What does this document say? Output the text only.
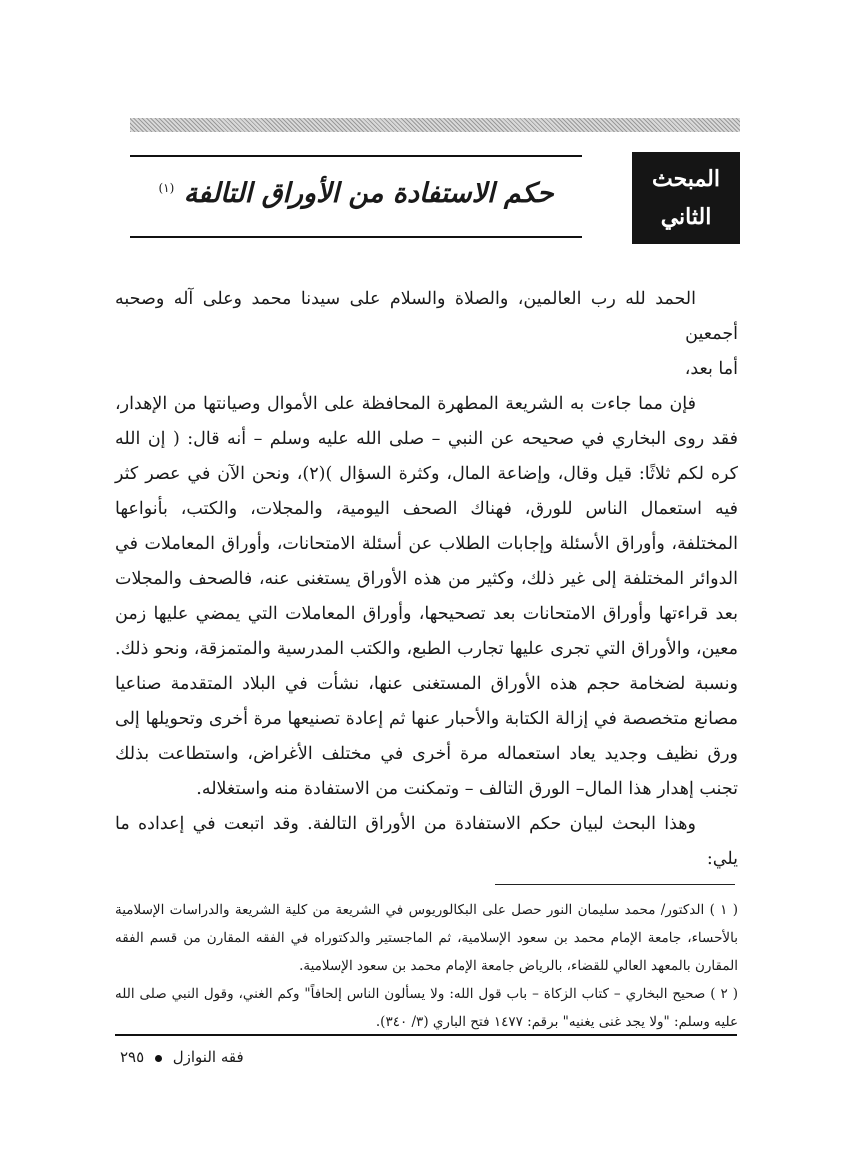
حكم الاستفادة من الأوراق التالفة $^{(١)}$	المبحث
الثاني

الحمد لله رب العالمين، والصلاة والسلام على سيدنا محمد وعلى آله وصحبه أجمعين

أما بعد،

فإن مما جاءت به الشريعة المطهرة المحافظة على الأموال وصيانتها من الإهدار، فقد روى البخاري في صحيحه عن النبي – صلى الله عليه وسلم – أنه قال: ( إن الله كره لكم ثلاثًا: قيل وقال، وإضاعة المال، وكثرة السؤال )(٢)، ونحن الآن في عصر كثر فيه استعمال الناس للورق، فهناك الصحف اليومية، والمجلات، والكتب، بأنواعها المختلفة، وأوراق الأسئلة وإجابات الطلاب عن أسئلة الامتحانات، وأوراق المعاملات في الدوائر المختلفة إلى غير ذلك، وكثير من هذه الأوراق يستغنى عنه، فالصحف والمجلات بعد قراءتها وأوراق الامتحانات بعد تصحيحها، وأوراق المعاملات التي يمضي عليها زمن معين، والأوراق التي تجرى عليها تجارب الطبع، والكتب المدرسية والمتمزقة، ونحو ذلك. ونسبة لضخامة حجم هذه الأوراق المستغنى عنها، نشأت في البلاد المتقدمة صناعيا مصانع متخصصة في إزالة الكتابة والأحبار عنها ثم إعادة تصنيعها مرة أخرى وتحويلها إلى ورق نظيف وجديد يعاد استعماله مرة أخرى في مختلف الأغراض، واستطاعت بذلك تجنب إهدار هذا المال– الورق التالف – وتمكنت من الاستفادة منه واستغلاله.

وهذا البحث لبيان حكم الاستفادة من الأوراق التالفة. وقد اتبعت في إعداده ما يلي:

( ١ ) الدكتور/ محمد سليمان النور حصل على البكالوريوس في الشريعة من كلية الشريعة والدراسات الإسلامية بالأحساء، جامعة الإمام محمد بن سعود الإسلامية، ثم الماجستير والدكتوراه في الفقه المقارن من قسم الفقه المقارن بالمعهد العالي للقضاء، بالرياض جامعة الإمام محمد بن سعود الإسلامية.

( ٢ ) صحيح البخاري – كتاب الزكاة – باب قول الله: ولا يسألون الناس إلحافاً" وكم الغني، وقول النبي صلى الله عليه وسلم: "ولا يجد غنى يغنيه" برقم: ١٤٧٧ فتح الباري (٣/ ٣٤٠).

فقه النوازل  ٢٩٥
